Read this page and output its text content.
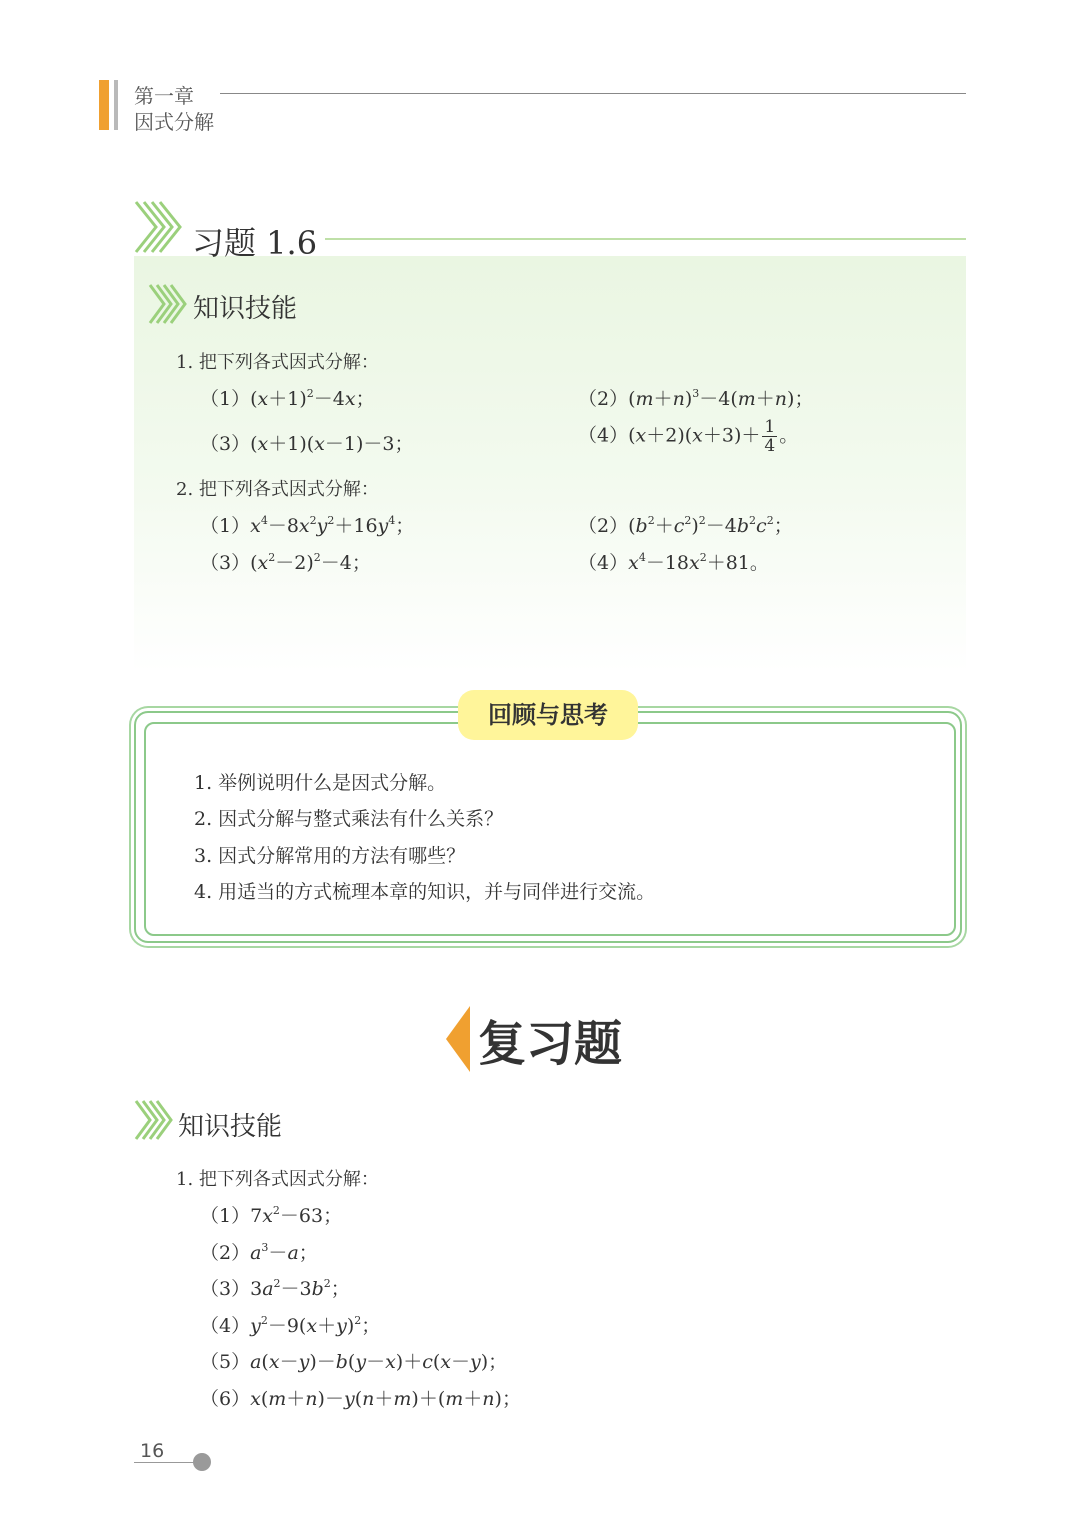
第一章
因式分解
习题 1.6
知识技能
1. 把下列各式因式分解：
$(1)(x+1)^2-4x$；	$(2)(m+n)^3-4(m+n)$；
（3）(x＋1)(x－1)－3；	$(4)(x+2)(x+3)+ \frac{1}{4}$ 。
2. 把下列各式因式分解：
$(1)x^4-8x^2y^2+16y^4$；	$(2)(b^2+c^2)^2-4b^2c^2$；
$(3)(x^2-2)^2-4$；	$(4)x^4-18x^2+81$。
回顾与思考
1. 举例说明什么是因式分解。
2. 因式分解与整式乘法有什么关系？
3. 因式分解常用的方法有哪些？
4. 用适当的方式梳理本章的知识，并与同伴进行交流。
复习题
知识技能
1. 把下列各式因式分解：
$(1)7x^2-63$；
$(2)a^3-a$；
$(3)3a^2-3b^2$；
$(4)y^2-9(x+y)^2$；
（5）a(x－y)－b(y－x)＋c(x－y)；
（6）x(m＋n)－y(n＋m)＋(m＋n)；
16
